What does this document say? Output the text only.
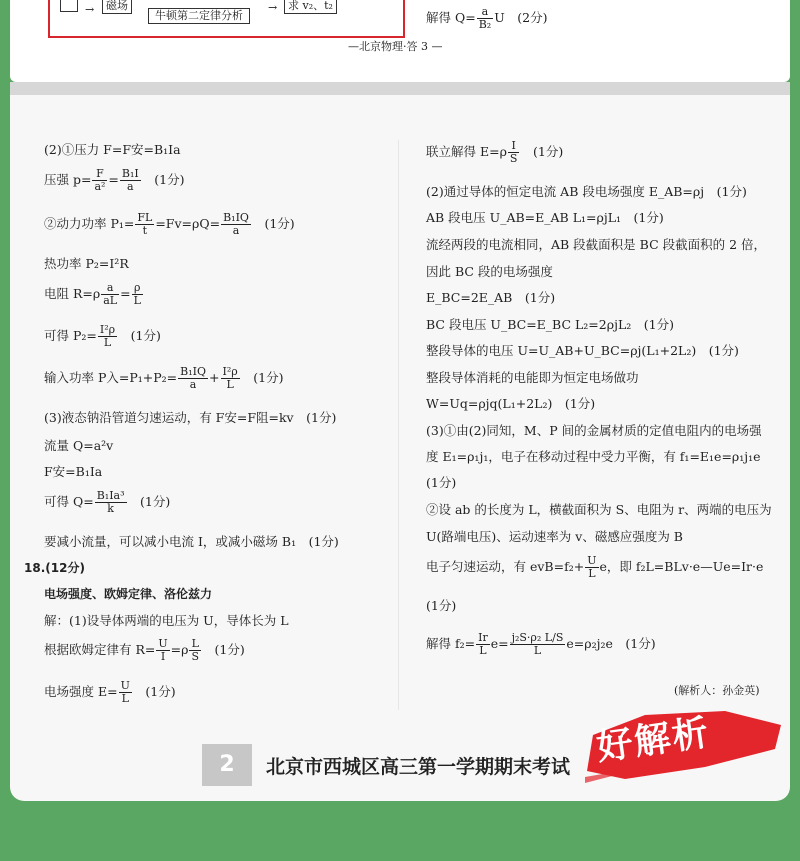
→	磁场
牛顿第二定律分析
→ 求 v₂、t₂
解得 $Q= \frac{a}{\text{B₂}}$ U　(2分)
—北京物理·答 3 —
(2)①压力 F=F安=B₁Ia
压强 $p= \frac{F}{\text{a²}} = \frac{\text{B₁I}}{a}$
　 (1分)
②动力功率 $P_1= \frac{FL}{t} =Fv=\rho Q= \frac{\text{B₁IQ}}{a}$
　 (1分)
热功率 P₂=I²R
电阻 $R=\rho \frac{a}{aL} = \frac{\rho}{L}$
可得 $P_2= \frac{\text{I²ρ}}{L}$
　 (1分)
输入功率 P入$=P_1+P_2= \frac{\text{B₁IQ}}{a} + \frac{\text{I²ρ}}{L}$
　 (1分)
(3)液态钠沿管道匀速运动，有 F安=F阻=kv　(1分)
流量 Q=a²v
F安=B₁Ia
可得 $Q= \frac{\text{B₁Ia³}}{k}$
　 (1分)
要减小流量，可以减小电流 I，或减小磁场 B₁　(1分)
18.(12分)
电场强度、欧姆定律、洛伦兹力
解：(1)设导体两端的电压为 U，导体长为 L
根据欧姆定律有 $R= \frac{U}{I} =\rho \frac{L}{S}$
　 (1分)
电场强度 $E= \frac{U}{L}$
　 (1分)
联立解得 $E=\rho \frac{I}{S}$
　 (1分)
(2)通过导体的恒定电流 AB 段电场强度 E_AB=ρj　(1分)
AB 段电压 U_AB=E_AB L₁=ρjL₁　(1分)
流经两段的电流相同，AB 段截面积是 BC 段截面积的 2 倍，
因此 BC 段的电场强度
E_BC=2E_AB　(1分)
BC 段电压 U_BC=E_BC L₂=2ρjL₂　(1分)
整段导体的电压 U=U_AB+U_BC=ρj(L₁+2L₂)　(1分)
整段导体消耗的电能即为恒定电场做功
W=Uq=ρjq(L₁+2L₂)　(1分)
(3)①由(2)同知，M、P 间的金属材质的定值电阻内的电场强
度 E₁=ρ₁j₁，电子在移动过程中受力平衡，有 f₁=E₁e=ρ₁j₁e
(1分)
②设 ab 的长度为 L，横截面积为 S、电阻为 r、两端的电压为
U(路端电压)、运动速率为 v、磁感应强度为 B
电子匀速运动，有 $evB=f_2+ \frac{U}{L}$ e，即 f₂L=BLv·e—Ue=Ir·e
(1分)
解得 $f_2= \frac{Ir}{L} e= \frac{\text{j₂S·ρ₂ L/S}}{L} e=\rho_2j_2e$　(1分)
(解析人：孙金英)
2	北京市西城区高三第一学期期末考试 好解析
